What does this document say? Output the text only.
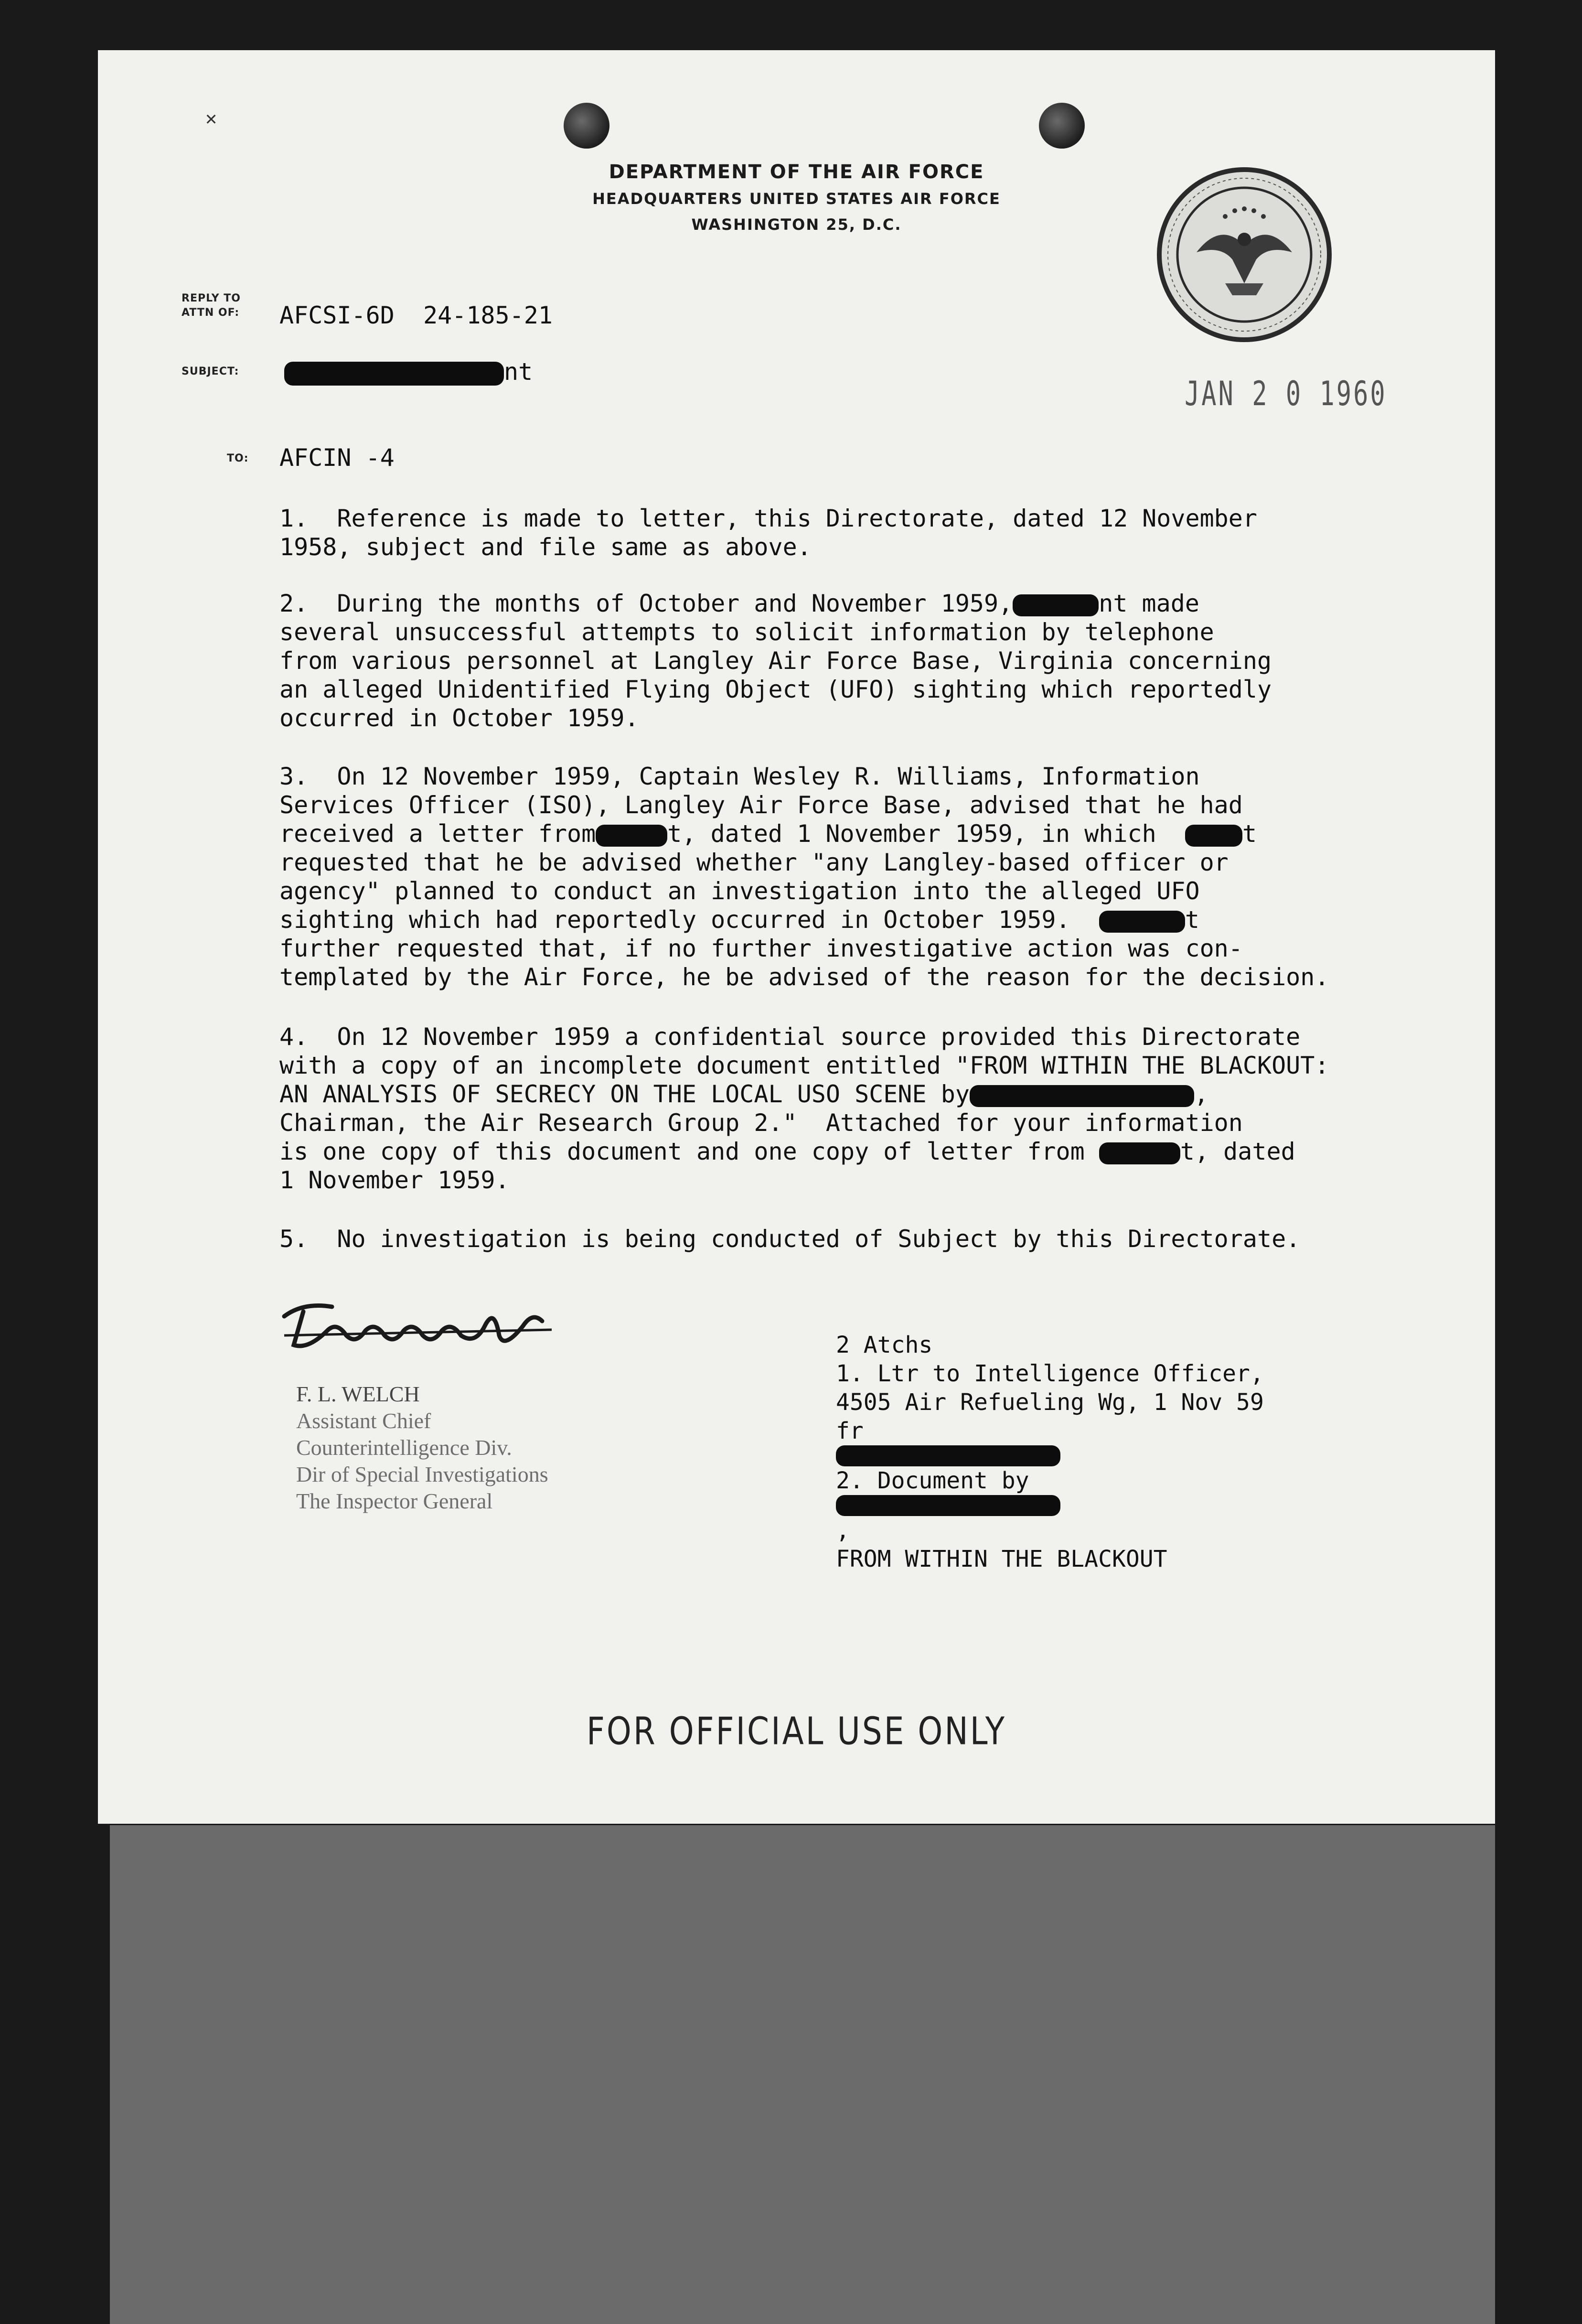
✕
DEPARTMENT OF THE AIR FORCE
HEADQUARTERS UNITED STATES AIR FORCE
WASHINGTON 25, D.C.
REPLY TO
ATTN OF: AFCSI-6D  24-185-21
SUBJECT:	nt
JAN 2 0 1960
TO: AFCIN -4
1.  Reference is made to letter, this Directorate, dated 12 November
1958, subject and file same as above.
2.  During the months of October and November 1959,	nt made
several unsuccessful attempts to solicit information by telephone
from various personnel at Langley Air Force Base, Virginia concerning
an alleged Unidentified Flying Object (UFO) sighting which reportedly
occurred in October 1959.
3.  On 12 November 1959, Captain Wesley R. Williams, Information
Services Officer (ISO), Langley Air Force Base, advised that he had
received a letter from	t, dated 1 November 1959, in which	t
requested that he be advised whether "any Langley-based officer or
agency" planned to conduct an investigation into the alleged UFO
sighting which had reportedly occurred in October 1959.	t
further requested that, if no further investigative action was con-
templated by the Air Force, he be advised of the reason for the decision.
4.  On 12 November 1959 a confidential source provided this Directorate
with a copy of an incomplete document entitled "FROM WITHIN THE BLACKOUT:
AN ANALYSIS OF SECRECY ON THE LOCAL USO SCENE by	,
Chairman, the Air Research Group 2."  Attached for your information
is one copy of this document and one copy of letter from	t, dated
1 November 1959.
5.  No investigation is being conducted of Subject by this Directorate.
F. L. WELCH
Assistant Chief
Counterintelligence Div.
Dir of Special Investigations
The Inspector General
2 Atchs
1. Ltr to Intelligence Officer,
4505 Air Refueling Wg, 1 Nov 59
fr
2. Document by
,
FROM WITHIN THE BLACKOUT
FOR OFFICIAL USE ONLY
